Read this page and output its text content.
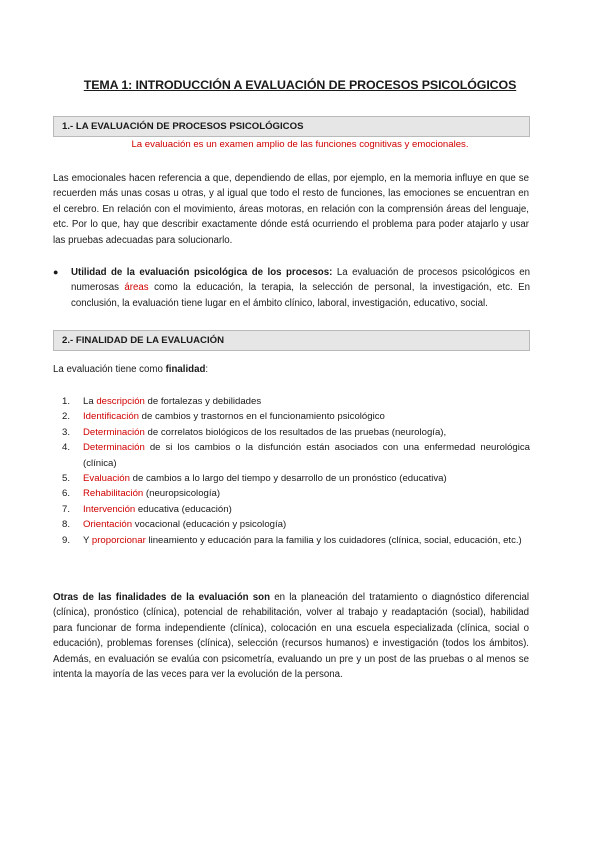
TEMA 1: INTRODUCCIÓN A EVALUACIÓN DE PROCESOS PSICOLÓGICOS
1.- LA EVALUACIÓN DE PROCESOS PSICOLÓGICOS
La evaluación es un examen amplio de las funciones cognitivas y emocionales.
Las emocionales hacen referencia a que, dependiendo de ellas, por ejemplo, en la memoria influye en que se recuerden más unas cosas u otras, y al igual que todo el resto de funciones, las emociones se encuentran en el cerebro. En relación con el movimiento, áreas motoras, en relación con la comprensión áreas del lenguaje, etc. Por lo que, hay que describir exactamente dónde está ocurriendo el problema para poder atajarlo y usar las pruebas adecuadas para solucionarlo.
●	Utilidad de la evaluación psicológica de los procesos: La evaluación de procesos psicológicos en numerosas áreas como la educación, la terapia, la selección de personal, la investigación, etc. En conclusión, la evaluación tiene lugar en el ámbito clínico, laboral, investigación, educativo, social.
2.- FINALIDAD DE LA EVALUACIÓN
La evaluación tiene como finalidad:
1.	La descripción de fortalezas y debilidades
2.	Identificación de cambios y trastornos en el funcionamiento psicológico
3.	Determinación de correlatos biológicos de los resultados de las pruebas (neurología),
4.	Determinación de si los cambios o la disfunción están asociados con una enfermedad neurológica (clínica)
5.	Evaluación de cambios a lo largo del tiempo y desarrollo de un pronóstico (educativa)
6.	Rehabilitación (neuropsicología)
7.	Intervención educativa (educación)
8.	Orientación vocacional (educación y psicología)
9.	Y proporcionar lineamiento y educación para la familia y los cuidadores (clínica, social, educación, etc.)
Otras de las finalidades de la evaluación son en la planeación del tratamiento o diagnóstico diferencial (clínica), pronóstico (clínica), potencial de rehabilitación, volver al trabajo y readaptación (social), habilidad para funcionar de forma independiente (clínica), colocación en una escuela especializada (clínica, social o educación), problemas forenses (clínica), selección (recursos humanos) e investigación (todos los ámbitos). Además, en evaluación se evalúa con psicometría, evaluando un pre y un post de las pruebas o al menos se intenta la mayoría de las veces para ver la evolución de la persona.
